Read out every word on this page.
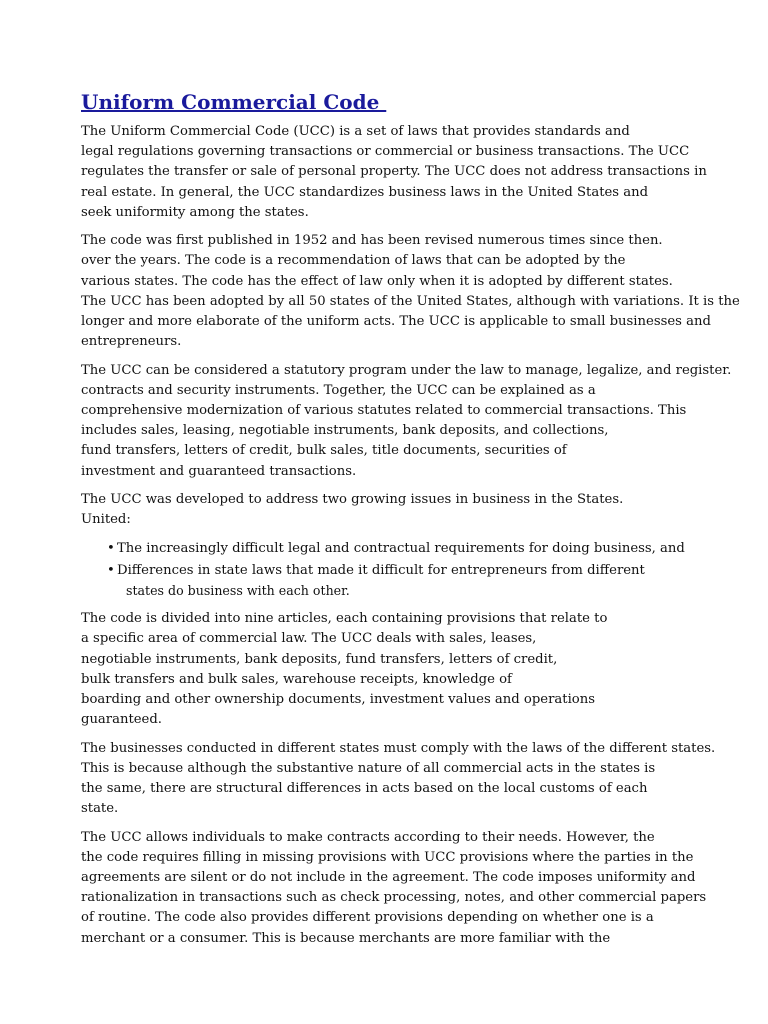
Uniform Commercial Code
The Uniform Commercial Code (UCC) is a set of laws that provides standards and
legal regulations governing transactions or commercial or business transactions. The UCC
regulates the transfer or sale of personal property. The UCC does not address transactions in
real estate. In general, the UCC standardizes business laws in the United States and
seek uniformity among the states.
The code was first published in 1952 and has been revised numerous times since then.
over the years. The code is a recommendation of laws that can be adopted by the
various states. The code has the effect of law only when it is adopted by different states.
The UCC has been adopted by all 50 states of the United States, although with variations. It is the
longer and more elaborate of the uniform acts. The UCC is applicable to small businesses and
entrepreneurs.
The UCC can be considered a statutory program under the law to manage, legalize, and register.
contracts and security instruments. Together, the UCC can be explained as a
comprehensive modernization of various statutes related to commercial transactions. This
includes sales, leasing, negotiable instruments, bank deposits, and collections,
fund transfers, letters of credit, bulk sales, title documents, securities of
investment and guaranteed transactions.
The UCC was developed to address two growing issues in business in the States.
United:
• The increasingly difficult legal and contractual requirements for doing business, and
• Differences in state laws that made it difficult for entrepreneurs from different
states do business with each other.
The code is divided into nine articles, each containing provisions that relate to
a specific area of commercial law. The UCC deals with sales, leases,
negotiable instruments, bank deposits, fund transfers, letters of credit,
bulk transfers and bulk sales, warehouse receipts, knowledge of
boarding and other ownership documents, investment values and operations
guaranteed.
The businesses conducted in different states must comply with the laws of the different states.
This is because although the substantive nature of all commercial acts in the states is
the same, there are structural differences in acts based on the local customs of each
state.
The UCC allows individuals to make contracts according to their needs. However, the
the code requires filling in missing provisions with UCC provisions where the parties in the
agreements are silent or do not include in the agreement. The code imposes uniformity and
rationalization in transactions such as check processing, notes, and other commercial papers
of routine. The code also provides different provisions depending on whether one is a
merchant or a consumer. This is because merchants are more familiar with the
